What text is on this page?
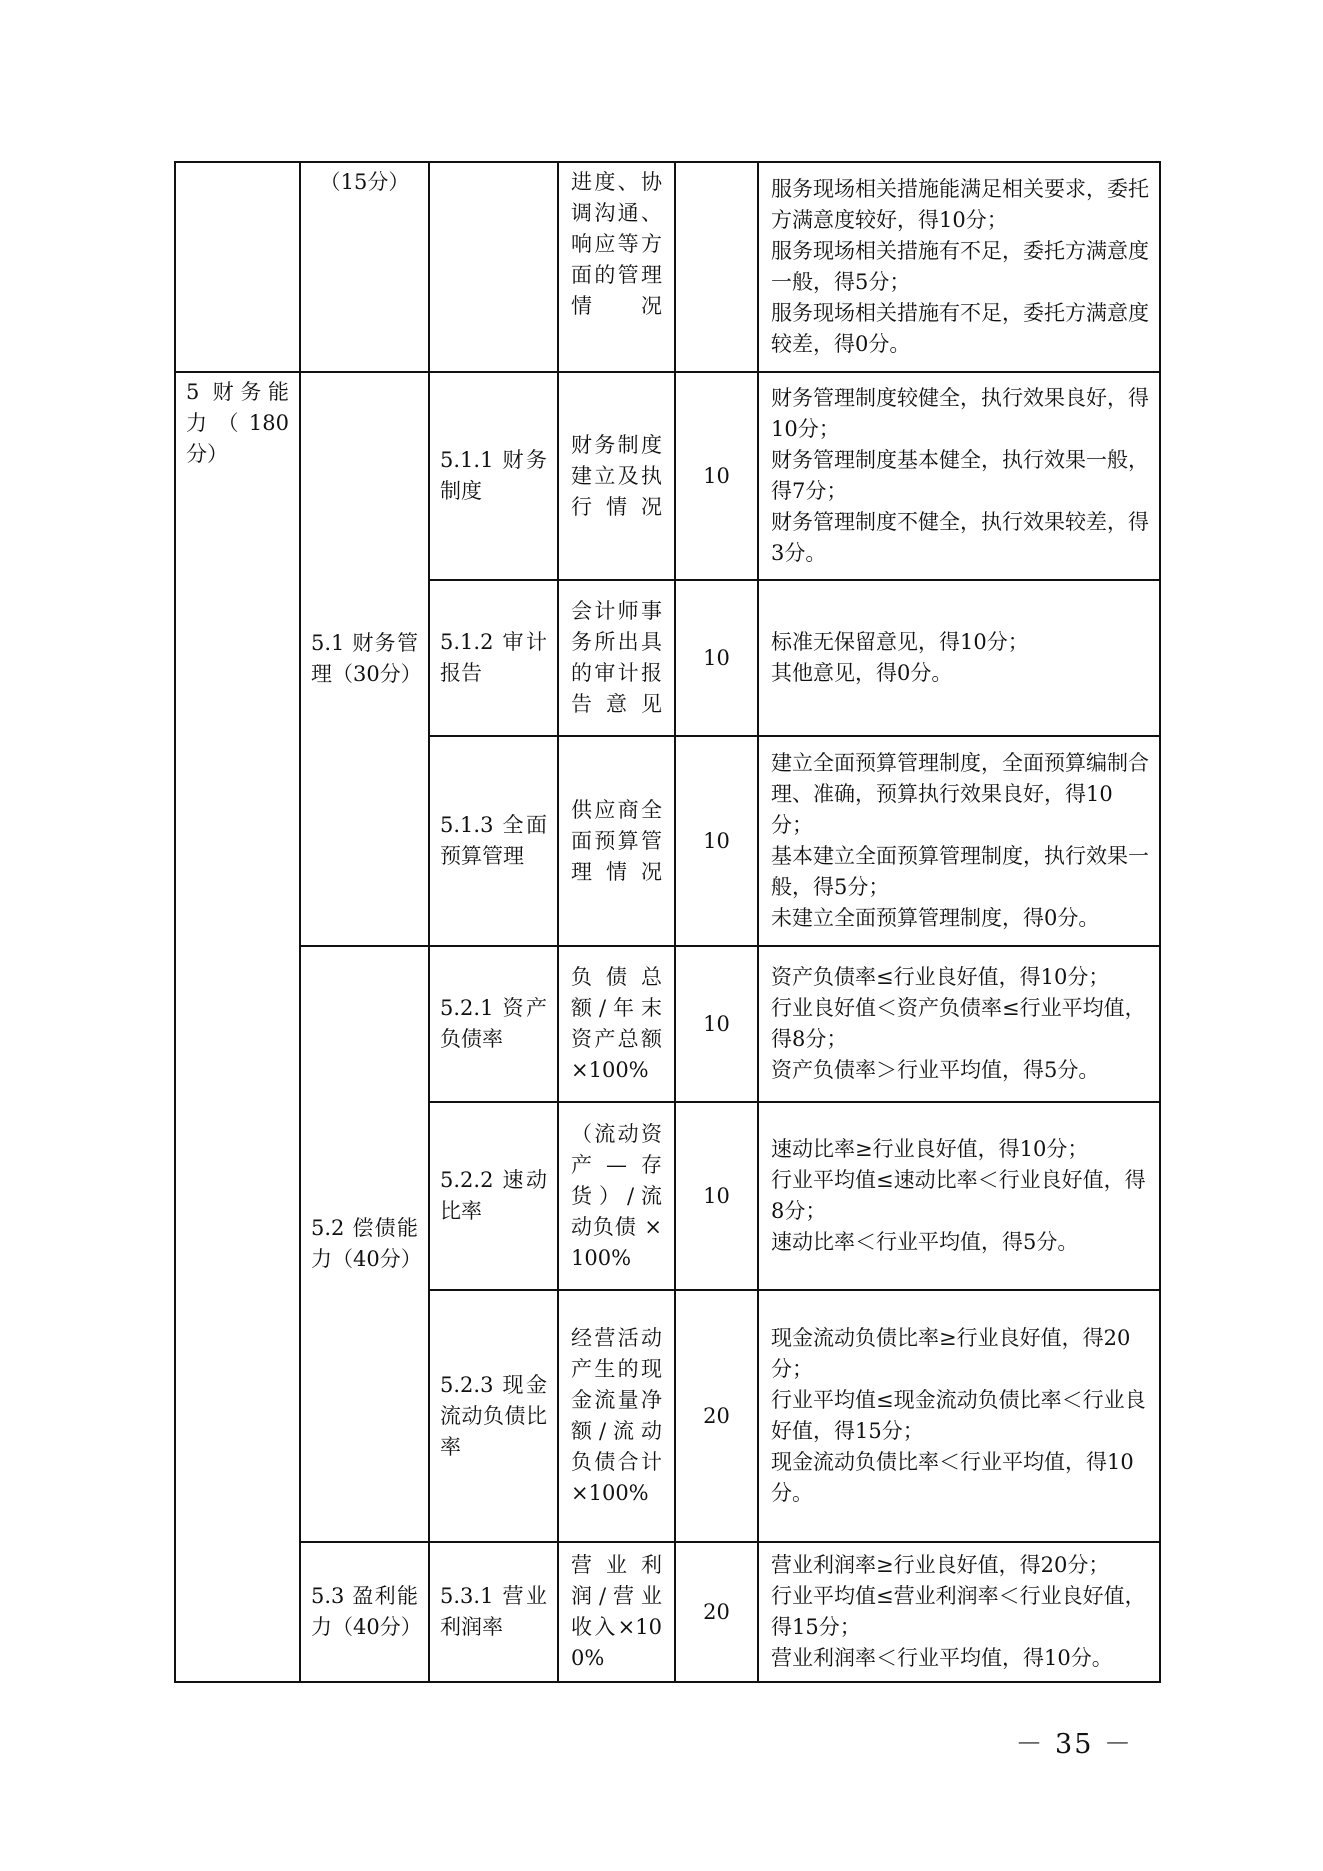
	（15分）		进度、协调沟通、响应等方面的管理情况		服务现场相关措施能满足相关要求，委托方满意度较好，得10分；
服务现场相关措施有不足，委托方满意度一般，得5分；
服务现场相关措施有不足，委托方满意度较差，得0分。
5 财务能力（180分）	5.1 财务管理（30分）	5.1.1 财务制度	财务制度建立及执行情况	10	财务管理制度较健全，执行效果良好，得10分；
财务管理制度基本健全，执行效果一般，得7分；
财务管理制度不健全，执行效果较差，得3分。
		5.1.2 审计报告	会计师事务所出具的审计报告意见	10	标准无保留意见，得10分；
其他意见，得0分。
		5.1.3 全面预算管理	供应商全面预算管理情况	10	建立全面预算管理制度，全面预算编制合理、准确，预算执行效果良好，得10分；
基本建立全面预算管理制度，执行效果一般，得5分；
未建立全面预算管理制度，得0分。
	5.2 偿债能力（40分）	5.2.1 资产负债率	负债总额/年末资产总额 ×100%	10	资产负债率≤行业良好值，得10分；
行业良好值＜资产负债率≤行业平均值，得8分；
资产负债率＞行业平均值，得5分。
		5.2.2 速动比率	（流动资产—存货）/流动负债 ×100%	10	速动比率≥行业良好值，得10分；
行业平均值≤速动比率＜行业良好值，得8分；
速动比率＜行业平均值，得5分。
		5.2.3 现金流动负债比率	经营活动产生的现金流量净额/流动负债合计 ×100%	20	现金流动负债比率≥行业良好值，得20分；
行业平均值≤现金流动负债比率＜行业良好值，得15分；
现金流动负债比率＜行业平均值，得10分。
	5.3 盈利能力（40分）	5.3.1 营业利润率	营业利润/营业收入×100%	20	营业利润率≥行业良好值，得20分；
行业平均值≤营业利润率＜行业良好值，得15分；
营业利润率＜行业平均值，得10分。
－ 35 －
